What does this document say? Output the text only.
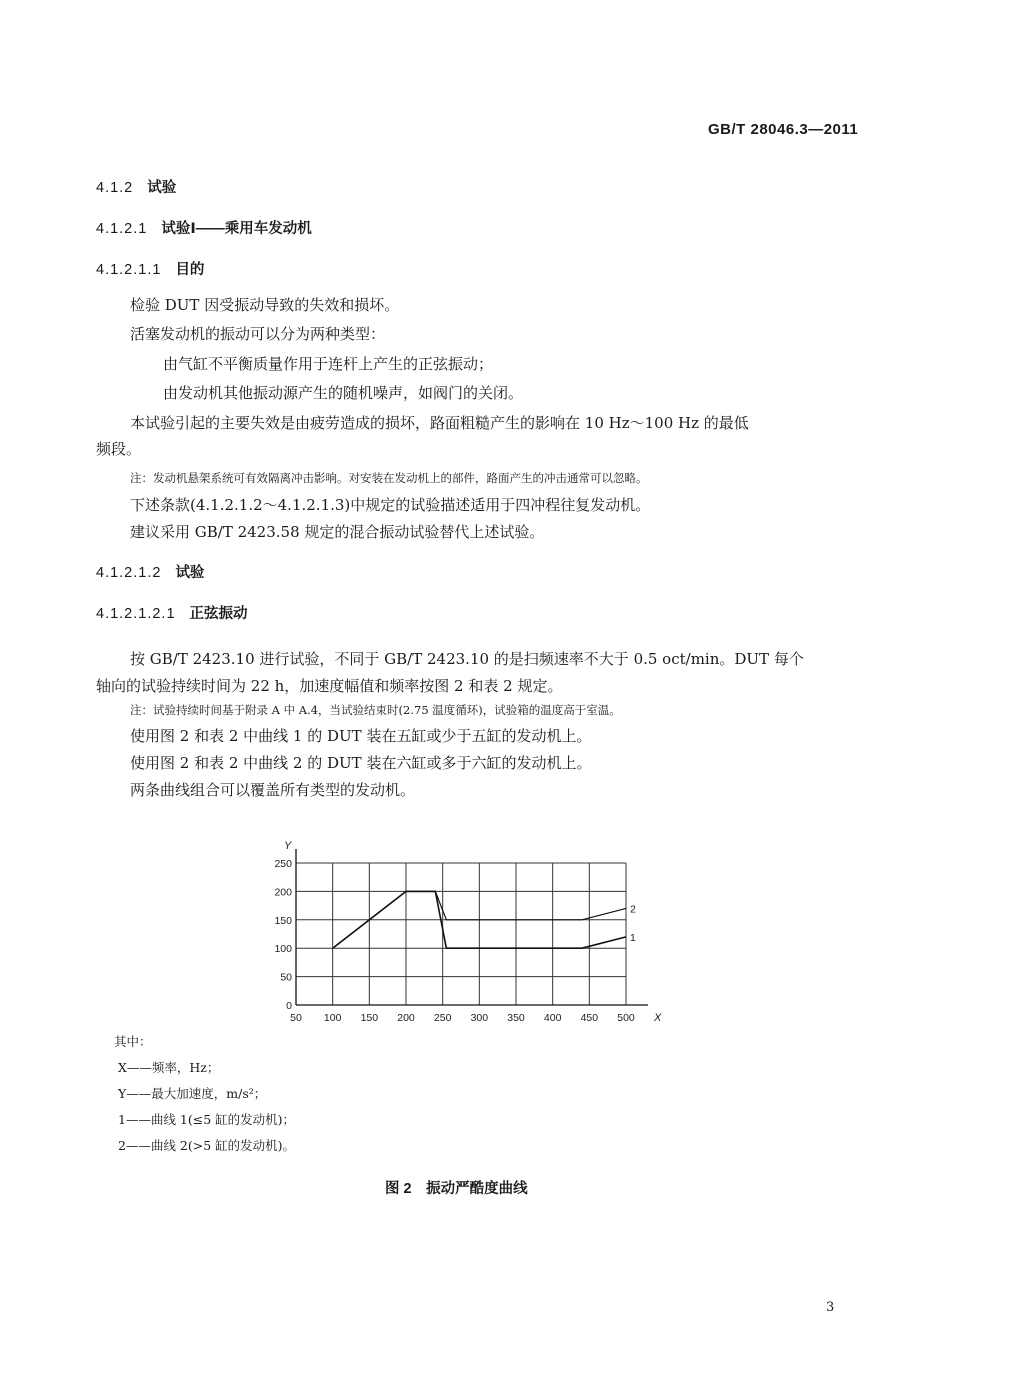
GB/T 28046.3—2011
4.1.2 试验
4.1.2.1 试验Ⅰ——乘用车发动机
4.1.2.1.1 目的
检验 DUT 因受振动导致的失效和损坏。
活塞发动机的振动可以分为两种类型：
由气缸不平衡质量作用于连杆上产生的正弦振动；
由发动机其他振动源产生的随机噪声，如阀门的关闭。
本试验引起的主要失效是由疲劳造成的损坏，路面粗糙产生的影响在 10 Hz～100 Hz 的最低
频段。
注：发动机悬架系统可有效隔离冲击影响。对安装在发动机上的部件，路面产生的冲击通常可以忽略。
下述条款(4.1.2.1.2～4.1.2.1.3)中规定的试验描述适用于四冲程往复发动机。
建议采用 GB/T 2423.58 规定的混合振动试验替代上述试验。
4.1.2.1.2 试验
4.1.2.1.2.1 正弦振动
按 GB/T 2423.10 进行试验，不同于 GB/T 2423.10 的是扫频速率不大于 0.5 oct/min。DUT 每个
轴向的试验持续时间为 22 h，加速度幅值和频率按图 2 和表 2 规定。
注：试验持续时间基于附录 A 中 A.4，当试验结束时(2.75 温度循环)，试验箱的温度高于室温。
使用图 2 和表 2 中曲线 1 的 DUT 装在五缸或少于五缸的发动机上。
使用图 2 和表 2 中曲线 2 的 DUT 装在六缸或多于六缸的发动机上。
两条曲线组合可以覆盖所有类型的发动机。
50 100 150 200 250 300 350 400 450 500
0
50
100
150
200
250
X
Y
1
2
其中：
X——频率，Hz；
Y——最大加速度，m/s²；
1——曲线 1(≤5 缸的发动机)；
2——曲线 2(>5 缸的发动机)。
图 2　振动严酷度曲线
3
